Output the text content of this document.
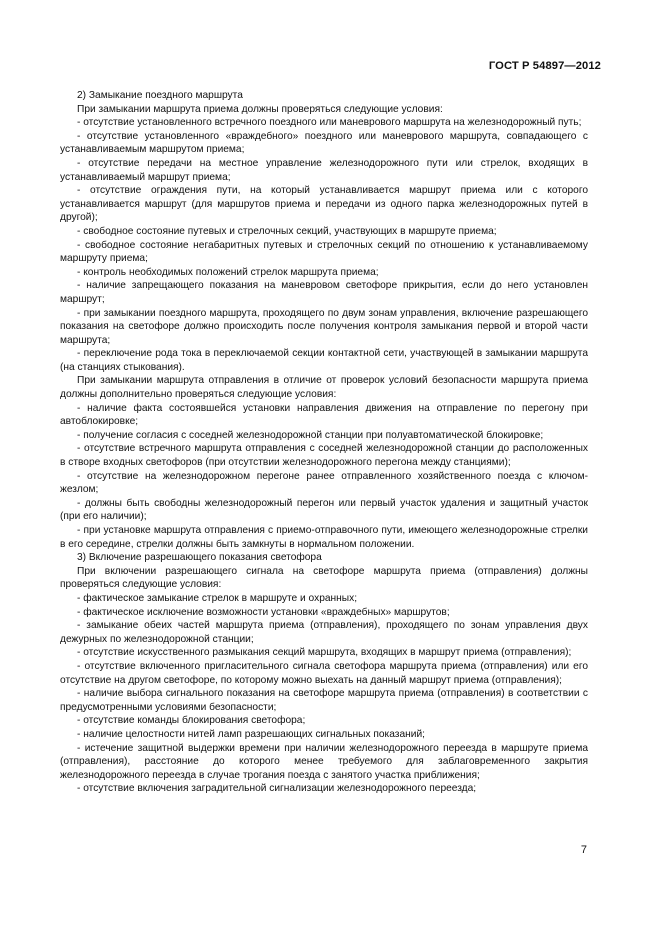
ГОСТ Р 54897—2012

2) Замыкание поездного маршрута

При замыкании маршрута приема должны проверяться следующие условия:

- отсутствие установленного встречного поездного или маневрового маршрута на железнодорожный путь;

- отсутствие установленного «враждебного» поездного или маневрового маршрута, совпадающего с устанавливаемым маршрутом приема;

- отсутствие передачи на местное управление железнодорожного пути или стрелок, входящих в устанавливаемый маршрут приема;

- отсутствие ограждения пути, на который устанавливается маршрут приема или с которого устанавливается маршрут (для маршрутов приема и передачи из одного парка железнодорожных путей в другой);

- свободное состояние путевых и стрелочных секций, участвующих в маршруте приема;

- свободное состояние негабаритных путевых и стрелочных секций по отношению к устанавливаемому маршруту приема;

- контроль необходимых положений стрелок маршрута приема;

- наличие запрещающего показания на маневровом светофоре прикрытия, если до него установлен маршрут;

- при замыкании поездного маршрута, проходящего по двум зонам управления, включение разрешающего показания на светофоре должно происходить после получения контроля замыкания первой и второй части маршрута;

- переключение рода тока в переключаемой секции контактной сети, участвующей в замыкании маршрута (на станциях стыкования).

При замыкании маршрута отправления в отличие от проверок условий безопасности маршрута приема должны дополнительно проверяться следующие условия:

- наличие факта состоявшейся установки направления движения на отправление по перегону при автоблокировке;

- получение согласия с соседней железнодорожной станции при полуавтоматической блокировке;

- отсутствие встречного маршрута отправления с соседней железнодорожной станции до расположенных в створе входных светофоров (при отсутствии железнодорожного перегона между станциями);

- отсутствие на железнодорожном перегоне ранее отправленного хозяйственного поезда с ключом-жезлом;

- должны быть свободны железнодорожный перегон или первый участок удаления и защитный участок (при его наличии);

- при установке маршрута отправления с приемо-отправочного пути, имеющего железнодорожные стрелки в его середине, стрелки должны быть замкнуты в нормальном положении.

3) Включение разрешающего показания светофора

При включении разрешающего сигнала на светофоре маршрута приема (отправления) должны проверяться следующие условия:

- фактическое замыкание стрелок в маршруте и охранных;

- фактическое исключение возможности установки «враждебных» маршрутов;

- замыкание обеих частей маршрута приема (отправления), проходящего по зонам управления двух дежурных по железнодорожной станции;

- отсутствие искусственного размыкания секций маршрута, входящих в маршрут приема (отправления);

- отсутствие включенного пригласительного сигнала светофора маршрута приема (отправления) или его отсутствие на другом светофоре, по которому можно выехать на данный маршрут приема (отправления);

- наличие выбора сигнального показания на светофоре маршрута приема (отправления) в соответствии с предусмотренными условиями безопасности;

- отсутствие команды блокирования светофора;

- наличие целостности нитей ламп разрешающих сигнальных показаний;

- истечение защитной выдержки времени при наличии железнодорожного переезда в маршруте приема (отправления), расстояние до которого менее требуемого для заблаговременного закрытия железнодорожного переезда в случае трогания поезда с занятого участка приближения;

- отсутствие включения заградительной сигнализации железнодорожного переезда;

7
